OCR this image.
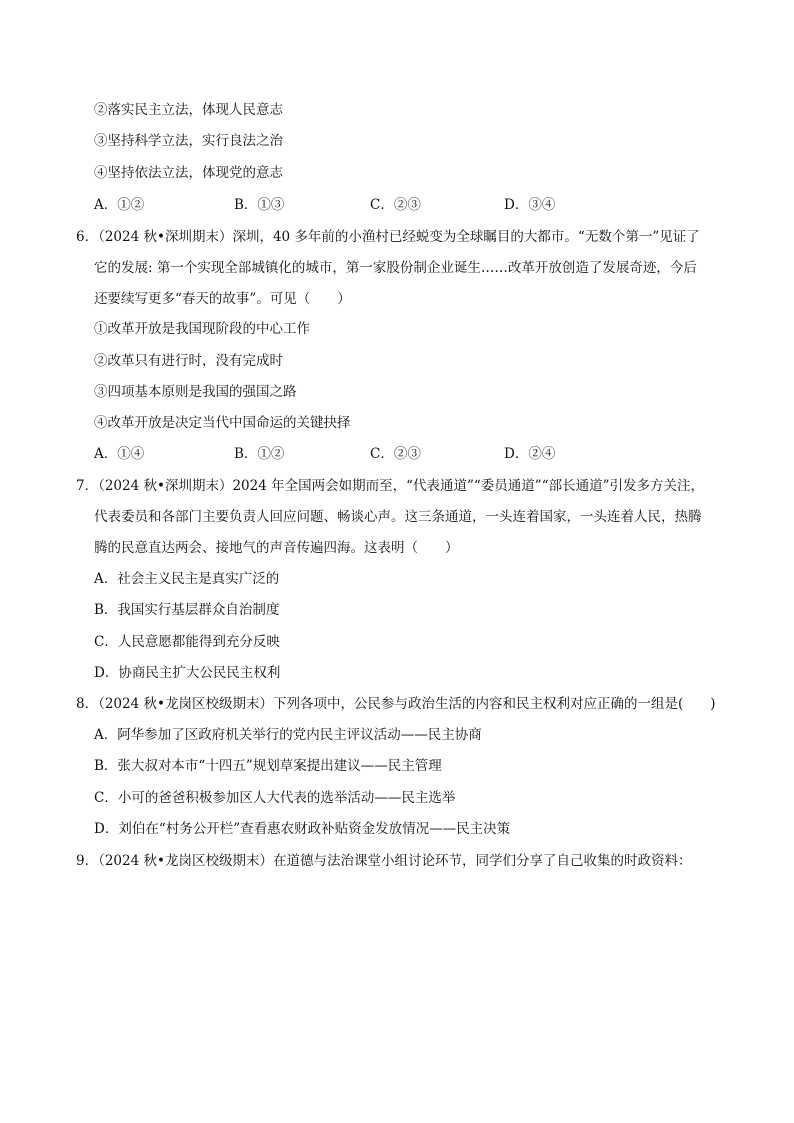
②落实民主立法，体现人民意志
③坚持科学立法，实行良法之治
④坚持依法立法，体现党的意志
A．①②	B．①③	C．②③	D．③④
6．（2024 秋•深圳期末）深圳，40 多年前的小渔村已经蜕变为全球瞩目的大都市。“无数个第一”见证了
它的发展: 第一个实现全部城镇化的城市，第一家股份制企业诞生……改革开放创造了发展奇迹，今后
还要续写更多“春天的故事”。可见（　　）
①改革开放是我国现阶段的中心工作
②改革只有进行时，没有完成时
③四项基本原则是我国的强国之路
④改革开放是决定当代中国命运的关键抉择
A．①④	B．①②	C．②③	D．②④
7．（2024 秋•深圳期末）2024 年全国两会如期而至，“代表通道”“委员通道”“部长通道”引发多方关注，
代表委员和各部门主要负责人回应问题、畅谈心声。这三条通道，一头连着国家，一头连着人民，热腾
腾的民意直达两会、接地气的声音传遍四海。这表明（　　）
A．社会主义民主是真实广泛的
B．我国实行基层群众自治制度
C．人民意愿都能得到充分反映
D．协商民主扩大公民民主权利
8．（2024 秋•龙岗区校级期末）下列各项中，公民参与政治生活的内容和民主权利对应正确的一组是(　　)
A．阿华参加了区政府机关举行的党内民主评议活动——民主协商
B．张大叔对本市“十四五”规划草案提出建议——民主管理
C．小可的爸爸积极参加区人大代表的选举活动——民主选举
D．刘伯在“村务公开栏”查看惠农财政补贴资金发放情况——民主决策
9．（2024 秋•龙岗区校级期末）在道德与法治课堂小组讨论环节，同学们分享了自己收集的时政资料：
